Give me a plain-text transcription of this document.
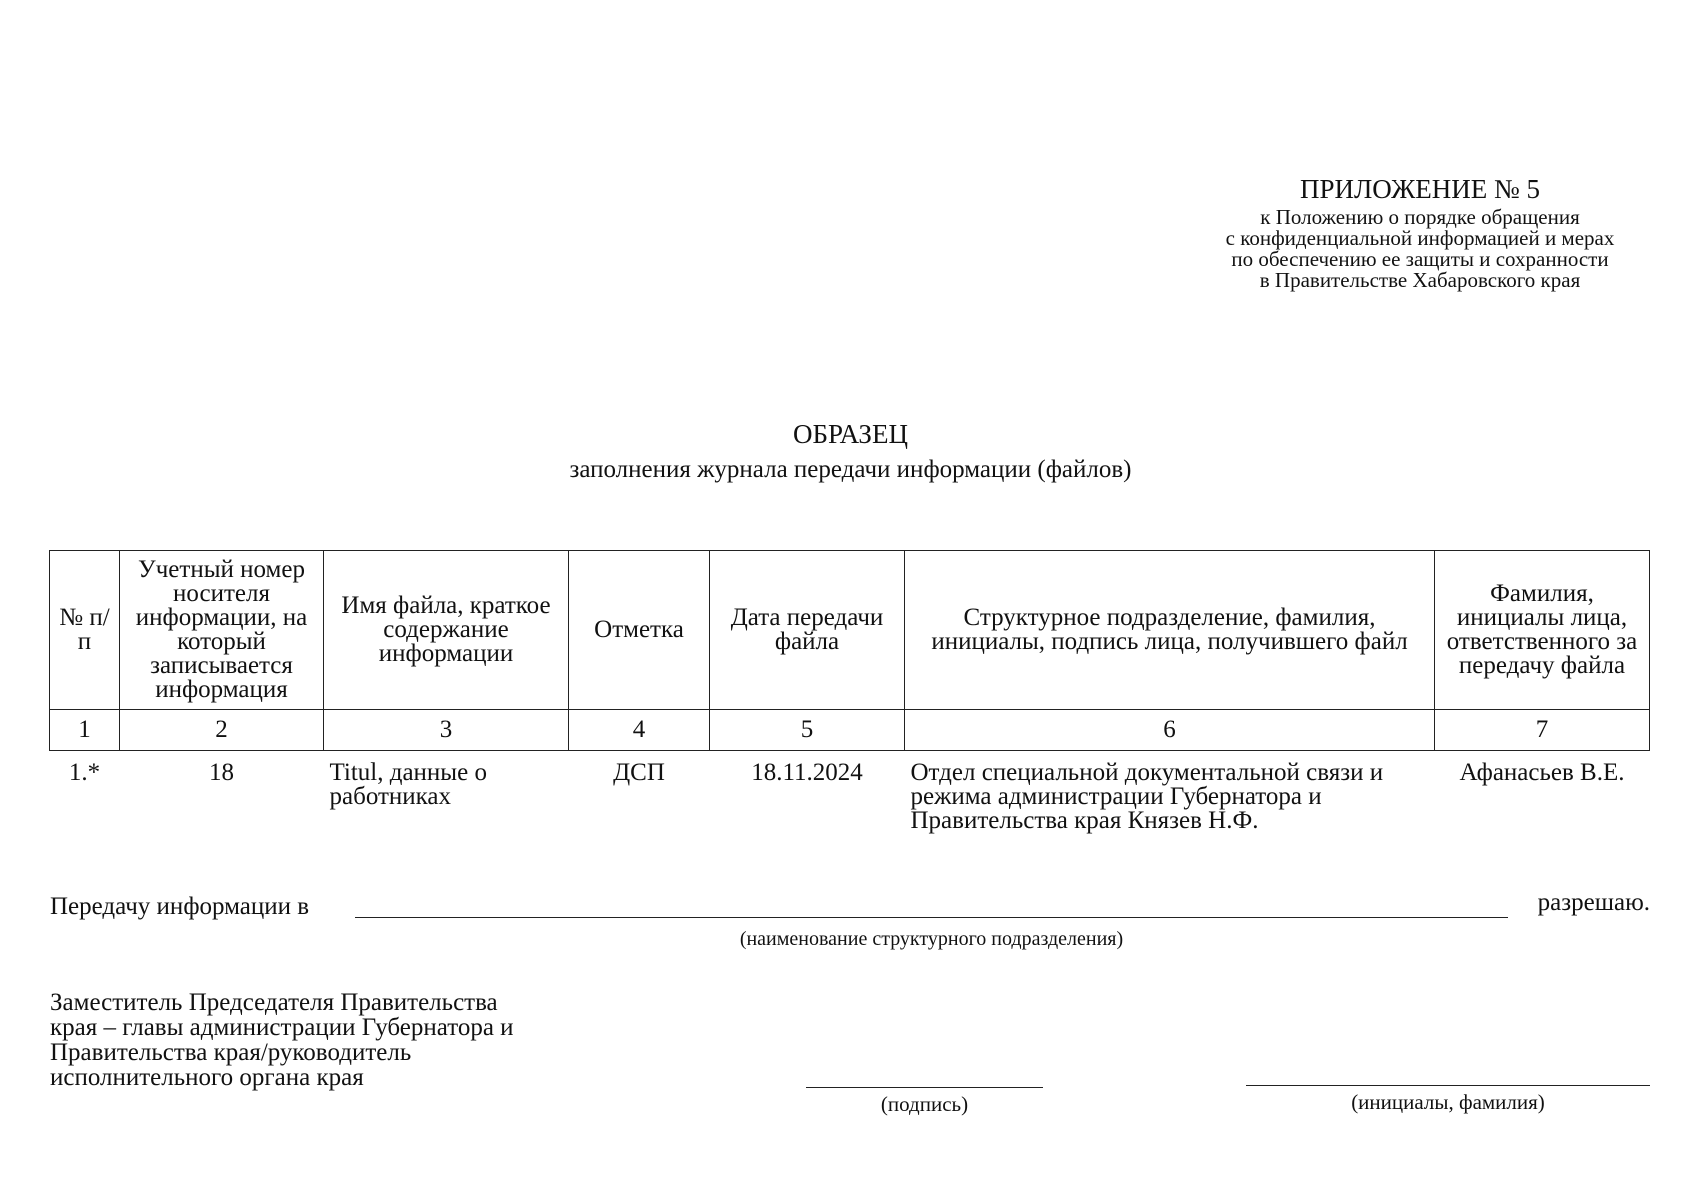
ПРИЛОЖЕНИЕ № 5
к Положению о порядке обращения
с конфиденциальной информацией и мерах
по обеспечению ее защиты и сохранности
в Правительстве Хабаровского края
ОБРАЗЕЦ
заполнения журнала передачи информации (файлов)
№ п/п	Учетный номер носителя информации, на который записывается информация	Имя файла, краткое содержание информации	Отметка	Дата передачи файла	Структурное подразделение, фамилия, инициалы, подпись лица, получившего файл	Фамилия, инициалы лица, ответственного за передачу файла
1	2	3	4	5	6	7
1.*	18	Titul, данные о работниках	ДСП	18.11.2024	Отдел специальной документальной связи и режима администрации Губернатора и Правительства края Князев Н.Ф.	Афанасьев В.Е.
Передачу информации в	разрешаю.
(наименование структурного подразделения)
Заместитель Председателя Правительства
края – главы администрации Губернатора и
Правительства края/руководитель
исполнительного органа края
(подпись)	(инициалы, фамилия)
